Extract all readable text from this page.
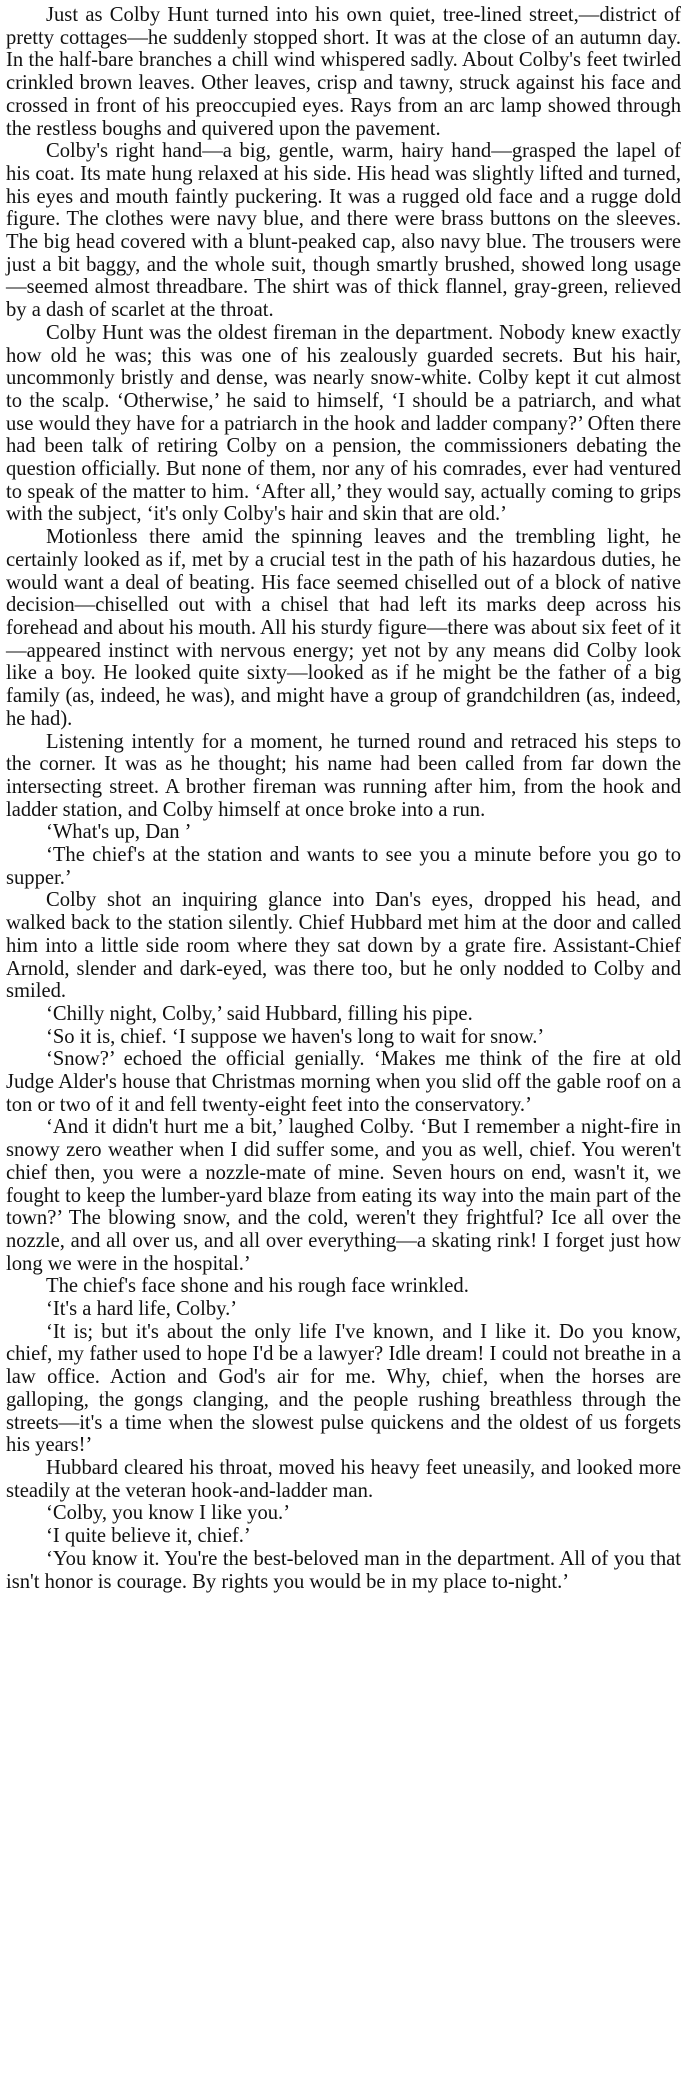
Just as Colby Hunt turned into his own quiet, tree-lined street,—district of pretty cottages—he suddenly stopped short. It was at the close of an autumn day. In the half-bare branches a chill wind whispered sadly. About Colby's feet twirled crinkled brown leaves. Other leaves, crisp and tawny, struck against his face and crossed in front of his preoccupied eyes. Rays from an arc lamp showed through the restless boughs and quivered upon the pavement.

Colby's right hand—a big, gentle, warm, hairy hand—grasped the lapel of his coat. Its mate hung relaxed at his side. His head was slightly lifted and turned, his eyes and mouth faintly puckering. It was a rugged old face and a rugge dold figure. The clothes were navy blue, and there were brass buttons on the sleeves. The big head covered with a blunt-peaked cap, also navy blue. The trousers were just a bit baggy, and the whole suit, though smartly brushed, showed long usage—seemed almost threadbare. The shirt was of thick flannel, gray-green, relieved by a dash of scarlet at the throat.

Colby Hunt was the oldest fireman in the department. Nobody knew exactly how old he was; this was one of his zealously guarded secrets. But his hair, uncommonly bristly and dense, was nearly snow-white. Colby kept it cut almost to the scalp. ‘Otherwise,’ he said to himself, ‘I should be a patriarch, and what use would they have for a patriarch in the hook and ladder company?’ Often there had been talk of retiring Colby on a pension, the commissioners debating the question officially. But none of them, nor any of his comrades, ever had ventured to speak of the matter to him. ‘After all,’ they would say, actually coming to grips with the subject, ‘it's only Colby's hair and skin that are old.’

Motionless there amid the spinning leaves and the trembling light, he certainly looked as if, met by a crucial test in the path of his hazardous duties, he would want a deal of beating. His face seemed chiselled out of a block of native decision—chiselled out with a chisel that had left its marks deep across his forehead and about his mouth. All his sturdy figure—there was about six feet of it—appeared instinct with nervous energy; yet not by any means did Colby look like a boy. He looked quite sixty—looked as if he might be the father of a big family (as, indeed, he was), and might have a group of grandchildren (as, indeed, he had).

Listening intently for a moment, he turned round and retraced his steps to the corner. It was as he thought; his name had been called from far down the intersecting street. A brother fireman was running after him, from the hook and ladder station, and Colby himself at once broke into a run.

‘What's up, Dan ’

‘The chief's at the station and wants to see you a minute before you go to supper.’

Colby shot an inquiring glance into Dan's eyes, dropped his head, and walked back to the station silently. Chief Hubbard met him at the door and called him into a little side room where they sat down by a grate fire. Assistant-Chief Arnold, slender and dark-eyed, was there too, but he only nodded to Colby and smiled.

‘Chilly night, Colby,’ said Hubbard, filling his pipe.

‘So it is, chief. ‘I suppose we haven's long to wait for snow.’

‘Snow?’ echoed the official genially. ‘Makes me think of the fire at old Judge Alder's house that Christmas morning when you slid off the gable roof on a ton or two of it and fell twenty-eight feet into the conservatory.’

‘And it didn't hurt me a bit,’ laughed Colby. ‘But I remember a night-fire in snowy zero weather when I did suffer some, and you as well, chief. You weren't chief then, you were a nozzle-mate of mine. Seven hours on end, wasn't it, we fought to keep the lumber-yard blaze from eating its way into the main part of the town?’ The blowing snow, and the cold, weren't they frightful? Ice all over the nozzle, and all over us, and all over everything—a skating rink! I forget just how long we were in the hospital.’

The chief's face shone and his rough face wrinkled.

‘It's a hard life, Colby.’

‘It is; but it's about the only life I've known, and I like it. Do you know, chief, my father used to hope I'd be a lawyer? Idle dream! I could not breathe in a law office. Action and God's air for me. Why, chief, when the horses are galloping, the gongs clanging, and the people rushing breathless through the streets—it's a time when the slowest pulse quickens and the oldest of us forgets his years!’

Hubbard cleared his throat, moved his heavy feet uneasily, and looked more steadily at the veteran hook-and-ladder man.

‘Colby, you know I like you.’

‘I quite believe it, chief.’

‘You know it. You're the best-beloved man in the department. All of you that isn't honor is courage. By rights you would be in my place to-night.’
